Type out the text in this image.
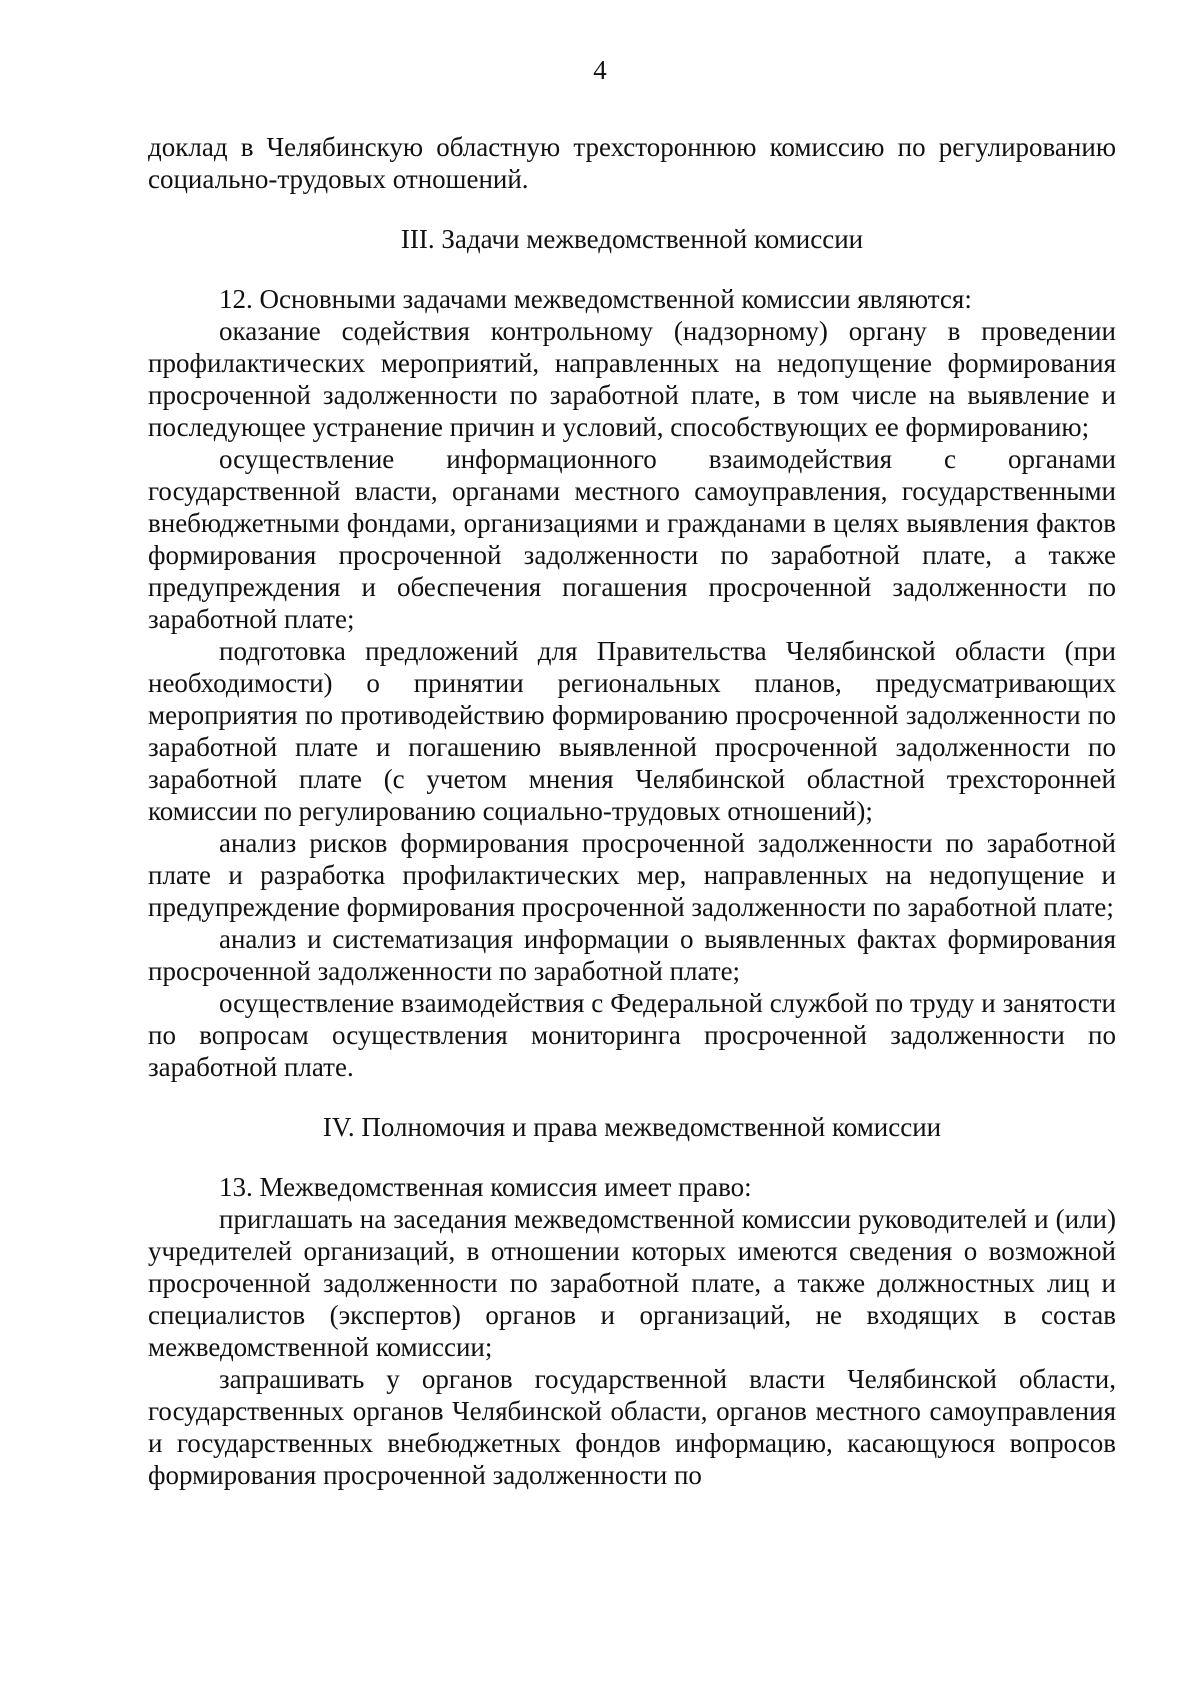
4

доклад в Челябинскую областную трехстороннюю комиссию по регулированию социально-трудовых отношений.

III. Задачи межведомственной комиссии

12. Основными задачами межведомственной комиссии являются:

оказание содействия контрольному (надзорному) органу в проведении профилактических мероприятий, направленных на недопущение формирования просроченной задолженности по заработной плате, в том числе на выявление и последующее устранение причин и условий, способствующих ее формированию;

осуществление информационного взаимодействия с органами государственной власти, органами местного самоуправления, государственными внебюджетными фондами, организациями и гражданами в целях выявления фактов формирования просроченной задолженности по заработной плате, а также предупреждения и обеспечения погашения просроченной задолженности по заработной плате;

подготовка предложений для Правительства Челябинской области (при необходимости) о принятии региональных планов, предусматривающих мероприятия по противодействию формированию просроченной задолженности по заработной плате и погашению выявленной просроченной задолженности по заработной плате (с учетом мнения Челябинской областной трехсторонней комиссии по регулированию социально-трудовых отношений);

анализ рисков формирования просроченной задолженности по заработной плате и разработка профилактических мер, направленных на недопущение и предупреждение формирования просроченной задолженности по заработной плате;

анализ и систематизация информации о выявленных фактах формирования просроченной задолженности по заработной плате;

осуществление взаимодействия с Федеральной службой по труду и занятости по вопросам осуществления мониторинга просроченной задолженности по заработной плате.

IV. Полномочия и права межведомственной комиссии

13. Межведомственная комиссия имеет право:

приглашать на заседания межведомственной комиссии руководителей и (или) учредителей организаций, в отношении которых имеются сведения о возможной просроченной задолженности по заработной плате, а также должностных лиц и специалистов (экспертов) органов и организаций, не входящих в состав межведомственной комиссии;

запрашивать у органов государственной власти Челябинской области, государственных органов Челябинской области, органов местного самоуправления и государственных внебюджетных фондов информацию, касающуюся вопросов формирования просроченной задолженности по
